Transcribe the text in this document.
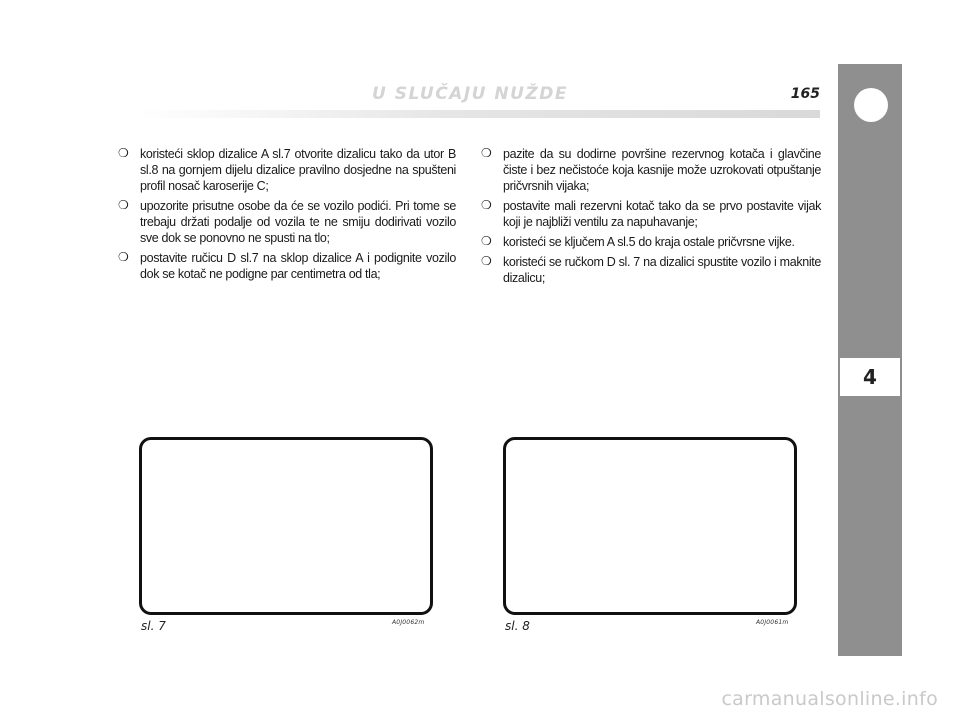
U SLUČAJU NUŽDE	165
4
❍ koristeći sklop dizalice A sl.7 otvorite dizalicu tako da utor B sl.8 na gornjem dijelu dizalice pravilno dosjedne na spušteni profil nosač karoserije C;
❍ upozorite prisutne osobe da će se vozilo podići. Pri tome se trebaju držati podalje od vozila te ne smiju dodirivati vozilo sve dok se ponovno ne spusti na tlo;
❍ postavite ručicu D sl.7 na sklop dizalice A i podignite vozilo dok se kotač ne podigne par centimetra od tla;
❍ pazite da su dodirne površine rezervnog kotača i glavčine čiste i bez nečistoće koja kasnije može uzrokovati otpuštanje pričvrsnih vijaka;
❍ postavite mali rezervni kotač tako da se prvo postavite vijak koji je najbliži ventilu za napuhavanje;
❍ koristeći se ključem A sl.5 do kraja ostale pričvrsne vijke.
❍ koristeći se ručkom D sl. 7 na dizalici spustite vozilo i maknite dizalicu;
sl. 7	A0J0062m	sl. 8	A0J0061m
carmanualsonline.info
